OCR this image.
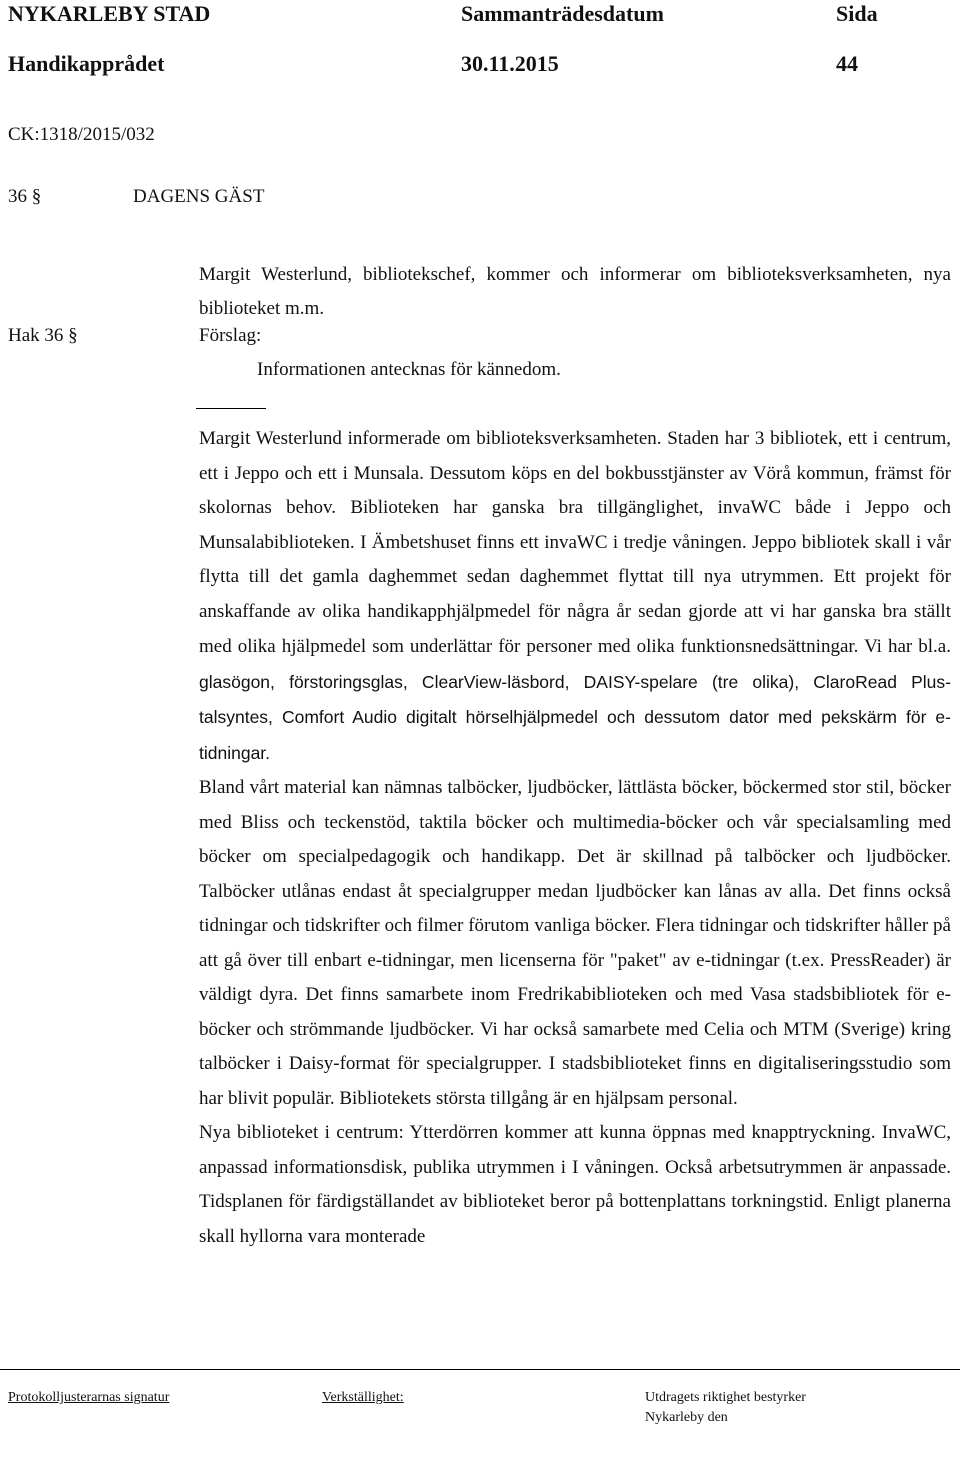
NYKARLEBY STAD	Sammanträdesdatum	Sida
Handikapprådet	30.11.2015	44
CK:1318/2015/032
36 §	DAGENS GÄST
Margit Westerlund, bibliotekschef, kommer och informerar om biblioteksverksamheten, nya biblioteket m.m.
Hak 36 §	Förslag:
Informationen antecknas för kännedom.

Margit Westerlund informerade om biblioteksverksamheten. Staden har 3 bibliotek, ett i centrum, ett i Jeppo och ett i Munsala. Dessutom köps en del bokbusstjänster av Vörå kommun, främst för skolornas behov. Biblioteken har ganska bra tillgänglighet, invaWC både i Jeppo och Munsalabiblioteken. I Ämbetshuset finns ett invaWC i tredje våningen. Jeppo bibliotek skall i vår flytta till det gamla daghemmet sedan daghemmet flyttat till nya utrymmen. Ett projekt för anskaffande av olika handikapphjälpmedel för några år sedan gjorde att vi har ganska bra ställt med olika hjälpmedel som underlättar för personer med olika funktionsnedsättningar. Vi har bl.a. glasögon, förstoringsglas, ClearView-läsbord, DAISY-spelare (tre olika), ClaroRead Plus-talsyntes, Comfort Audio digitalt hörselhjälpmedel och dessutom dator med pekskärm för e-tidningar.

Bland vårt material kan nämnas talböcker, ljudböcker, lättlästa böcker, böckermed stor stil, böcker med Bliss och teckenstöd, taktila böcker och multimedia-böcker och vår specialsamling med böcker om specialpedagogik och handikapp. Det är skillnad på talböcker och ljudböcker. Talböcker utlånas endast åt specialgrupper medan ljudböcker kan lånas av alla. Det finns också tidningar och tidskrifter och filmer förutom vanliga böcker. Flera tidningar och tidskrifter håller på att gå över till enbart e-tidningar, men licenserna för "paket" av e-tidningar (t.ex. PressReader) är väldigt dyra. Det finns samarbete inom Fredrikabiblioteken och med Vasa stadsbibliotek för e-böcker och strömmande ljudböcker. Vi har också samarbete med Celia och MTM (Sverige) kring talböcker i Daisy-format för specialgrupper. I stadsbiblioteket finns en digitaliseringsstudio som har blivit populär. Bibliotekets största tillgång är en hjälpsam personal.

Nya biblioteket i centrum: Ytterdörren kommer att kunna öppnas med knapptryckning. InvaWC, anpassad informationsdisk, publika utrymmen i I våningen. Också arbetsutrymmen är anpassade. Tidsplanen för färdigställandet av biblioteket beror på bottenplattans torkningstid. Enligt planerna skall hyllorna vara monterade

Protokolljusterarnas signatur	Verkställighet:	Utdragets riktighet bestyrker
Nykarleby den
